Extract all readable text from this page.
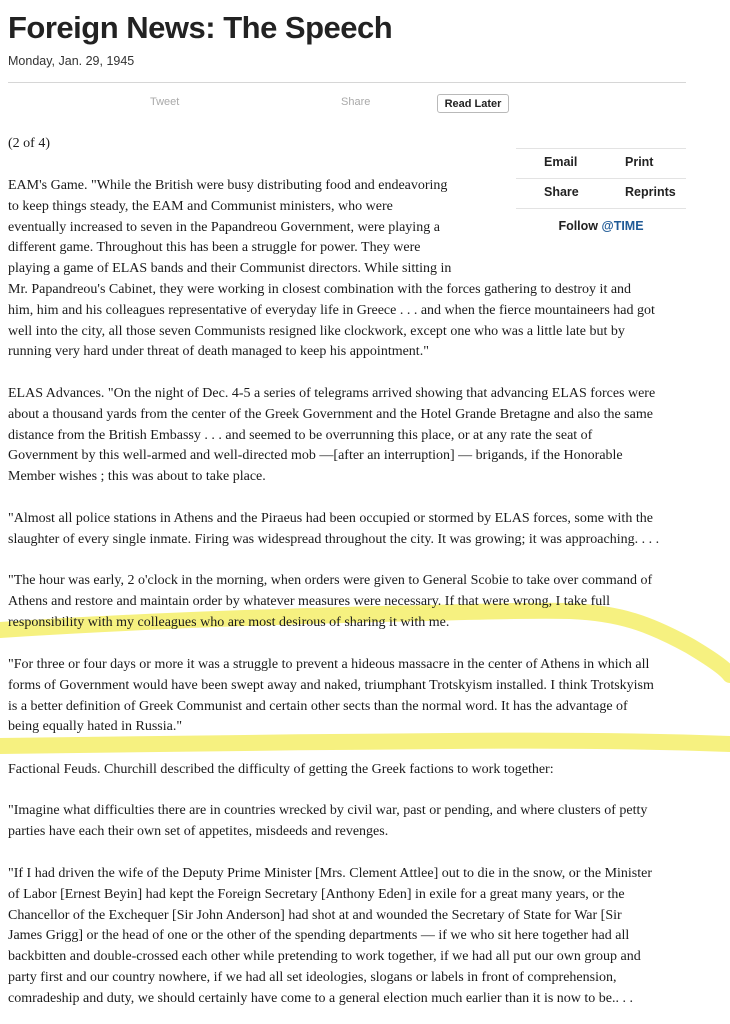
Foreign News: The Speech
Monday, Jan. 29, 1945
Tweet	Share	Read Later
(2 of 4)
Email	Print
Share	Reprints
Follow @TIME

EAM's Game. "While the British were busy distributing food and endeavoring
to keep things steady, the EAM and Communist ministers, who were
eventually increased to seven in the Papandreou Government, were playing a
different game. Throughout this has been a struggle for power. They were
playing a game of ELAS bands and their Communist directors. While sitting in
Mr. Papandreou's Cabinet, they were working in closest combination with the forces gathering to destroy it and
him, him and his colleagues representative of everyday life in Greece . . . and when the fierce mountaineers had got
well into the city, all those seven Communists resigned like clockwork, except one who was a little late but by
running very hard under threat of death managed to keep his appointment."

ELAS Advances. "On the night of Dec. 4-5 a series of telegrams arrived showing that advancing ELAS forces were
about a thousand yards from the center of the Greek Government and the Hotel Grande Bretagne and also the same
distance from the British Embassy . . . and seemed to be overrunning this place, or at any rate the seat of
Government by this well-armed and well-directed mob —[after an interruption] — brigands, if the Honorable
Member wishes ; this was about to take place.

"Almost all police stations in Athens and the Piraeus had been occupied or stormed by ELAS forces, some with the
slaughter of every single inmate. Firing was widespread throughout the city. It was growing; it was approaching. . . .

"The hour was early, 2 o'clock in the morning, when orders were given to General Scobie to take over command of
Athens and restore and maintain order by whatever measures were necessary. If that were wrong, I take full
responsibility with my colleagues who are most desirous of sharing it with me.

"For three or four days or more it was a struggle to prevent a hideous massacre in the center of Athens in which all
forms of Government would have been swept away and naked, triumphant Trotskyism installed. I think Trotskyism
is a better definition of Greek Communist and certain other sects than the normal word. It has the advantage of
being equally hated in Russia."

Factional Feuds. Churchill described the difficulty of getting the Greek factions to work together:

"Imagine what difficulties there are in countries wrecked by civil war, past or pending, and where clusters of petty
parties have each their own set of appetites, misdeeds and revenges.

"If I had driven the wife of the Deputy Prime Minister [Mrs. Clement Attlee] out to die in the snow, or the Minister
of Labor [Ernest Beyin] had kept the Foreign Secretary [Anthony Eden] in exile for a great many years, or the
Chancellor of the Exchequer [Sir John Anderson] had shot at and wounded the Secretary of State for War [Sir
James Grigg] or the head of one or the other of the spending departments — if we who sit here together had all
backbitten and double-crossed each other while pretending to work together, if we had all put our own group and
party first and our country nowhere, if we had all set ideologies, slogans or labels in front of comprehension,
comradeship and duty, we should certainly have come to a general election much earlier than it is now to be.. . .
